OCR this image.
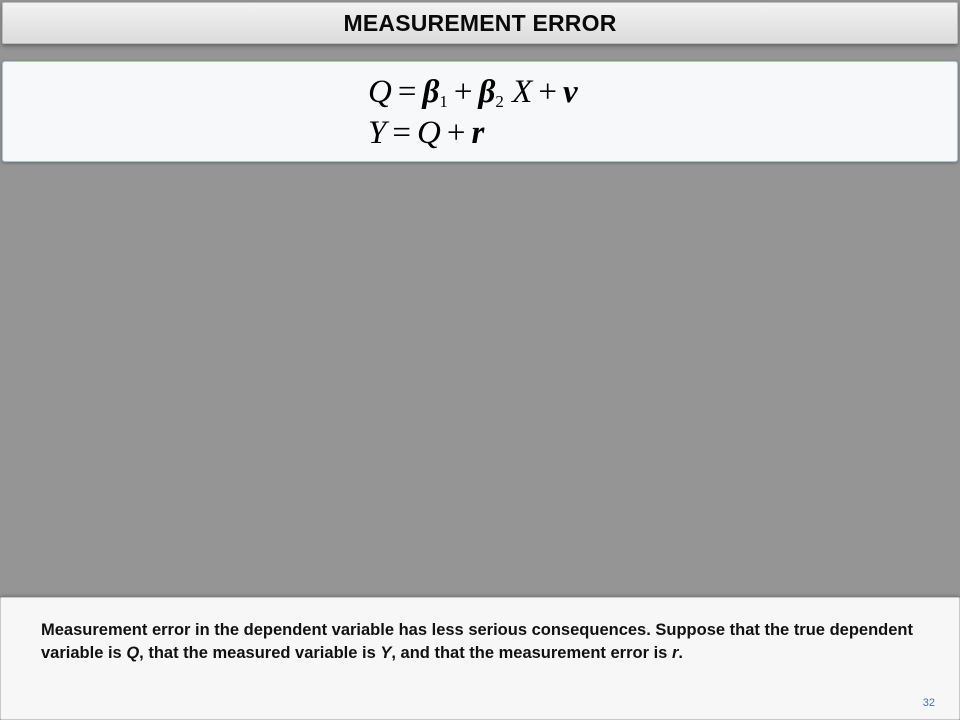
MEASUREMENT ERROR
$Q = \beta_1 + \beta_2$ X + v
Y = Q + r

Measurement error in the dependent variable has less serious consequences. Suppose that the true dependent variable is Q, that the measured variable is Y, and that the measurement error is r.

32
